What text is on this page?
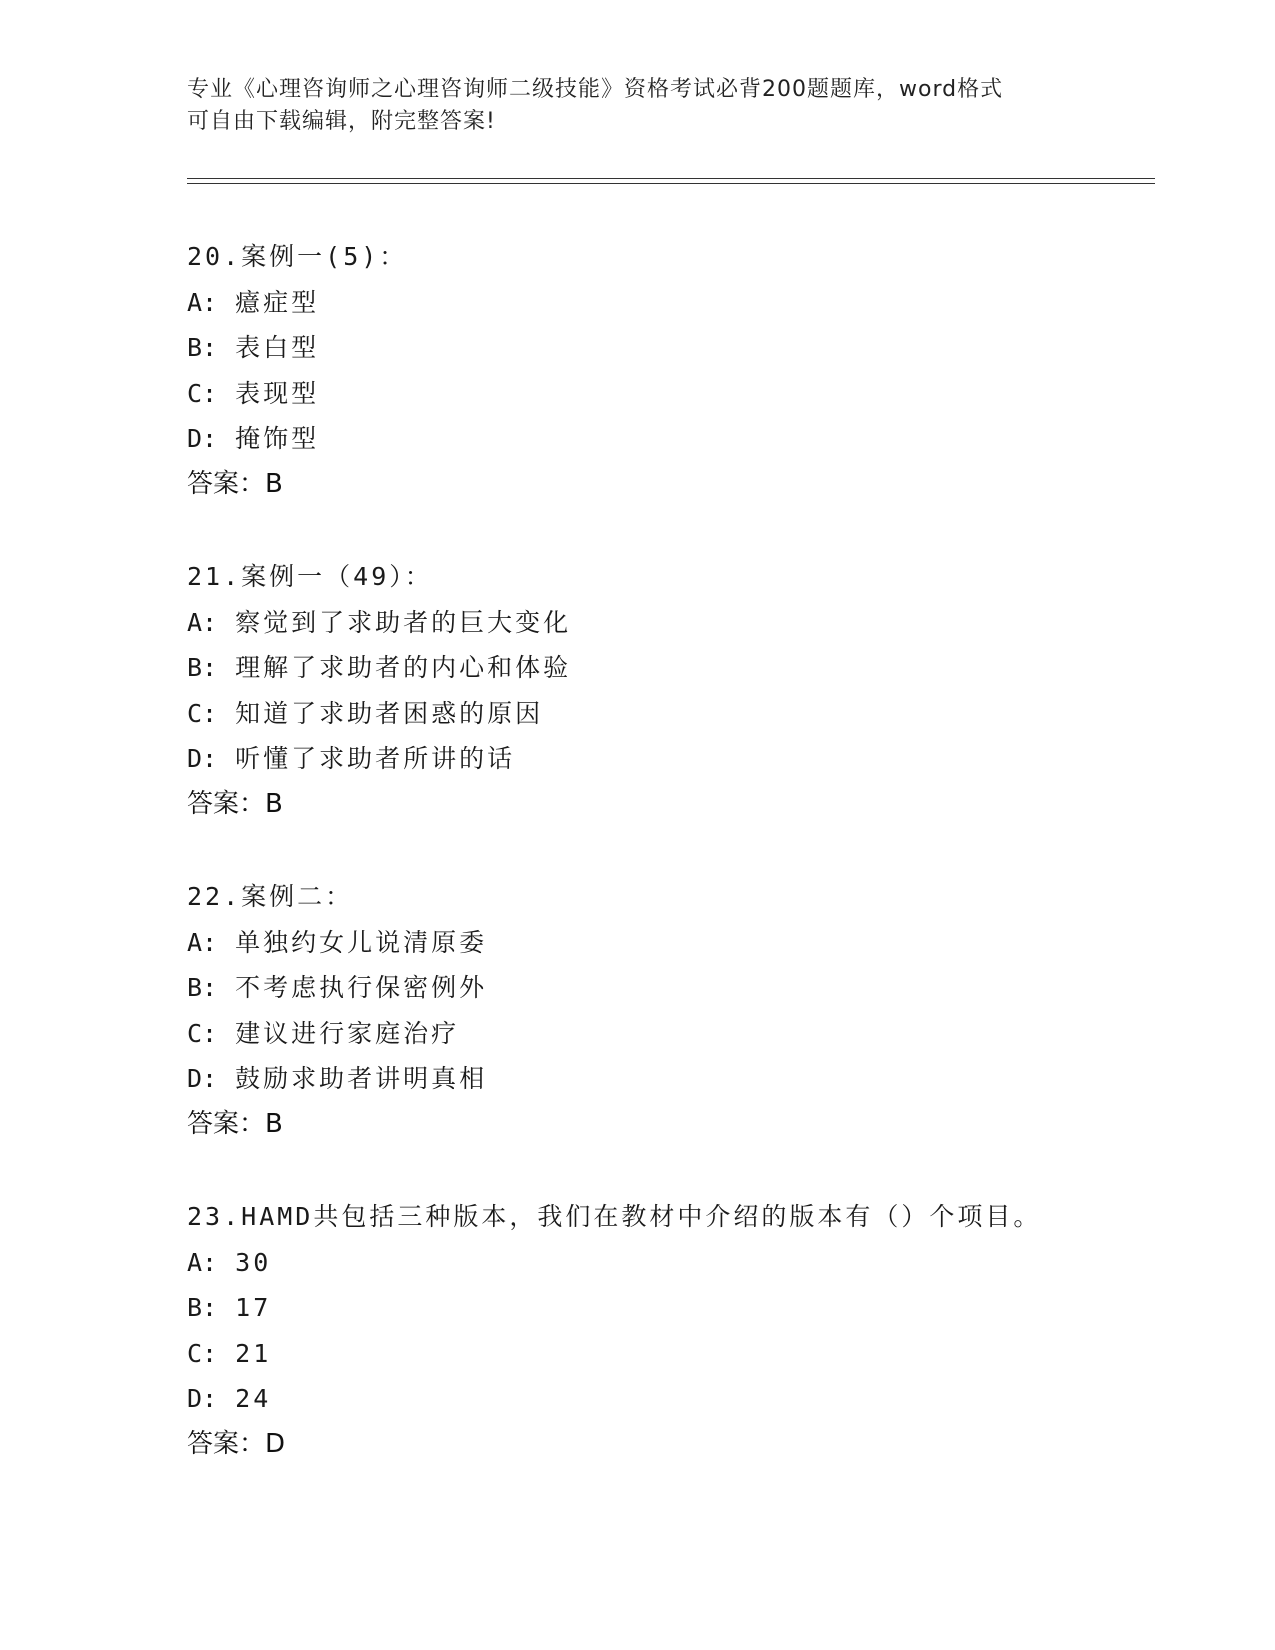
专业《心理咨询师之心理咨询师二级技能》资格考试必背200题题库，word格式
可自由下载编辑，附完整答案!
20.案例一(5)：
A: 癔症型
B: 表白型
C: 表现型
D: 掩饰型
答案：B
21.案例一（49）：
A: 察觉到了求助者的巨大变化
B: 理解了求助者的内心和体验
C: 知道了求助者困惑的原因
D: 听懂了求助者所讲的话
答案：B
22.案例二：
A: 单独约女儿说清原委
B: 不考虑执行保密例外
C: 建议进行家庭治疗
D: 鼓励求助者讲明真相
答案：B
23.HAMD共包括三种版本，我们在教材中介绍的版本有（）个项目。
A: 30
B: 17
C: 21
D: 24
答案：D
